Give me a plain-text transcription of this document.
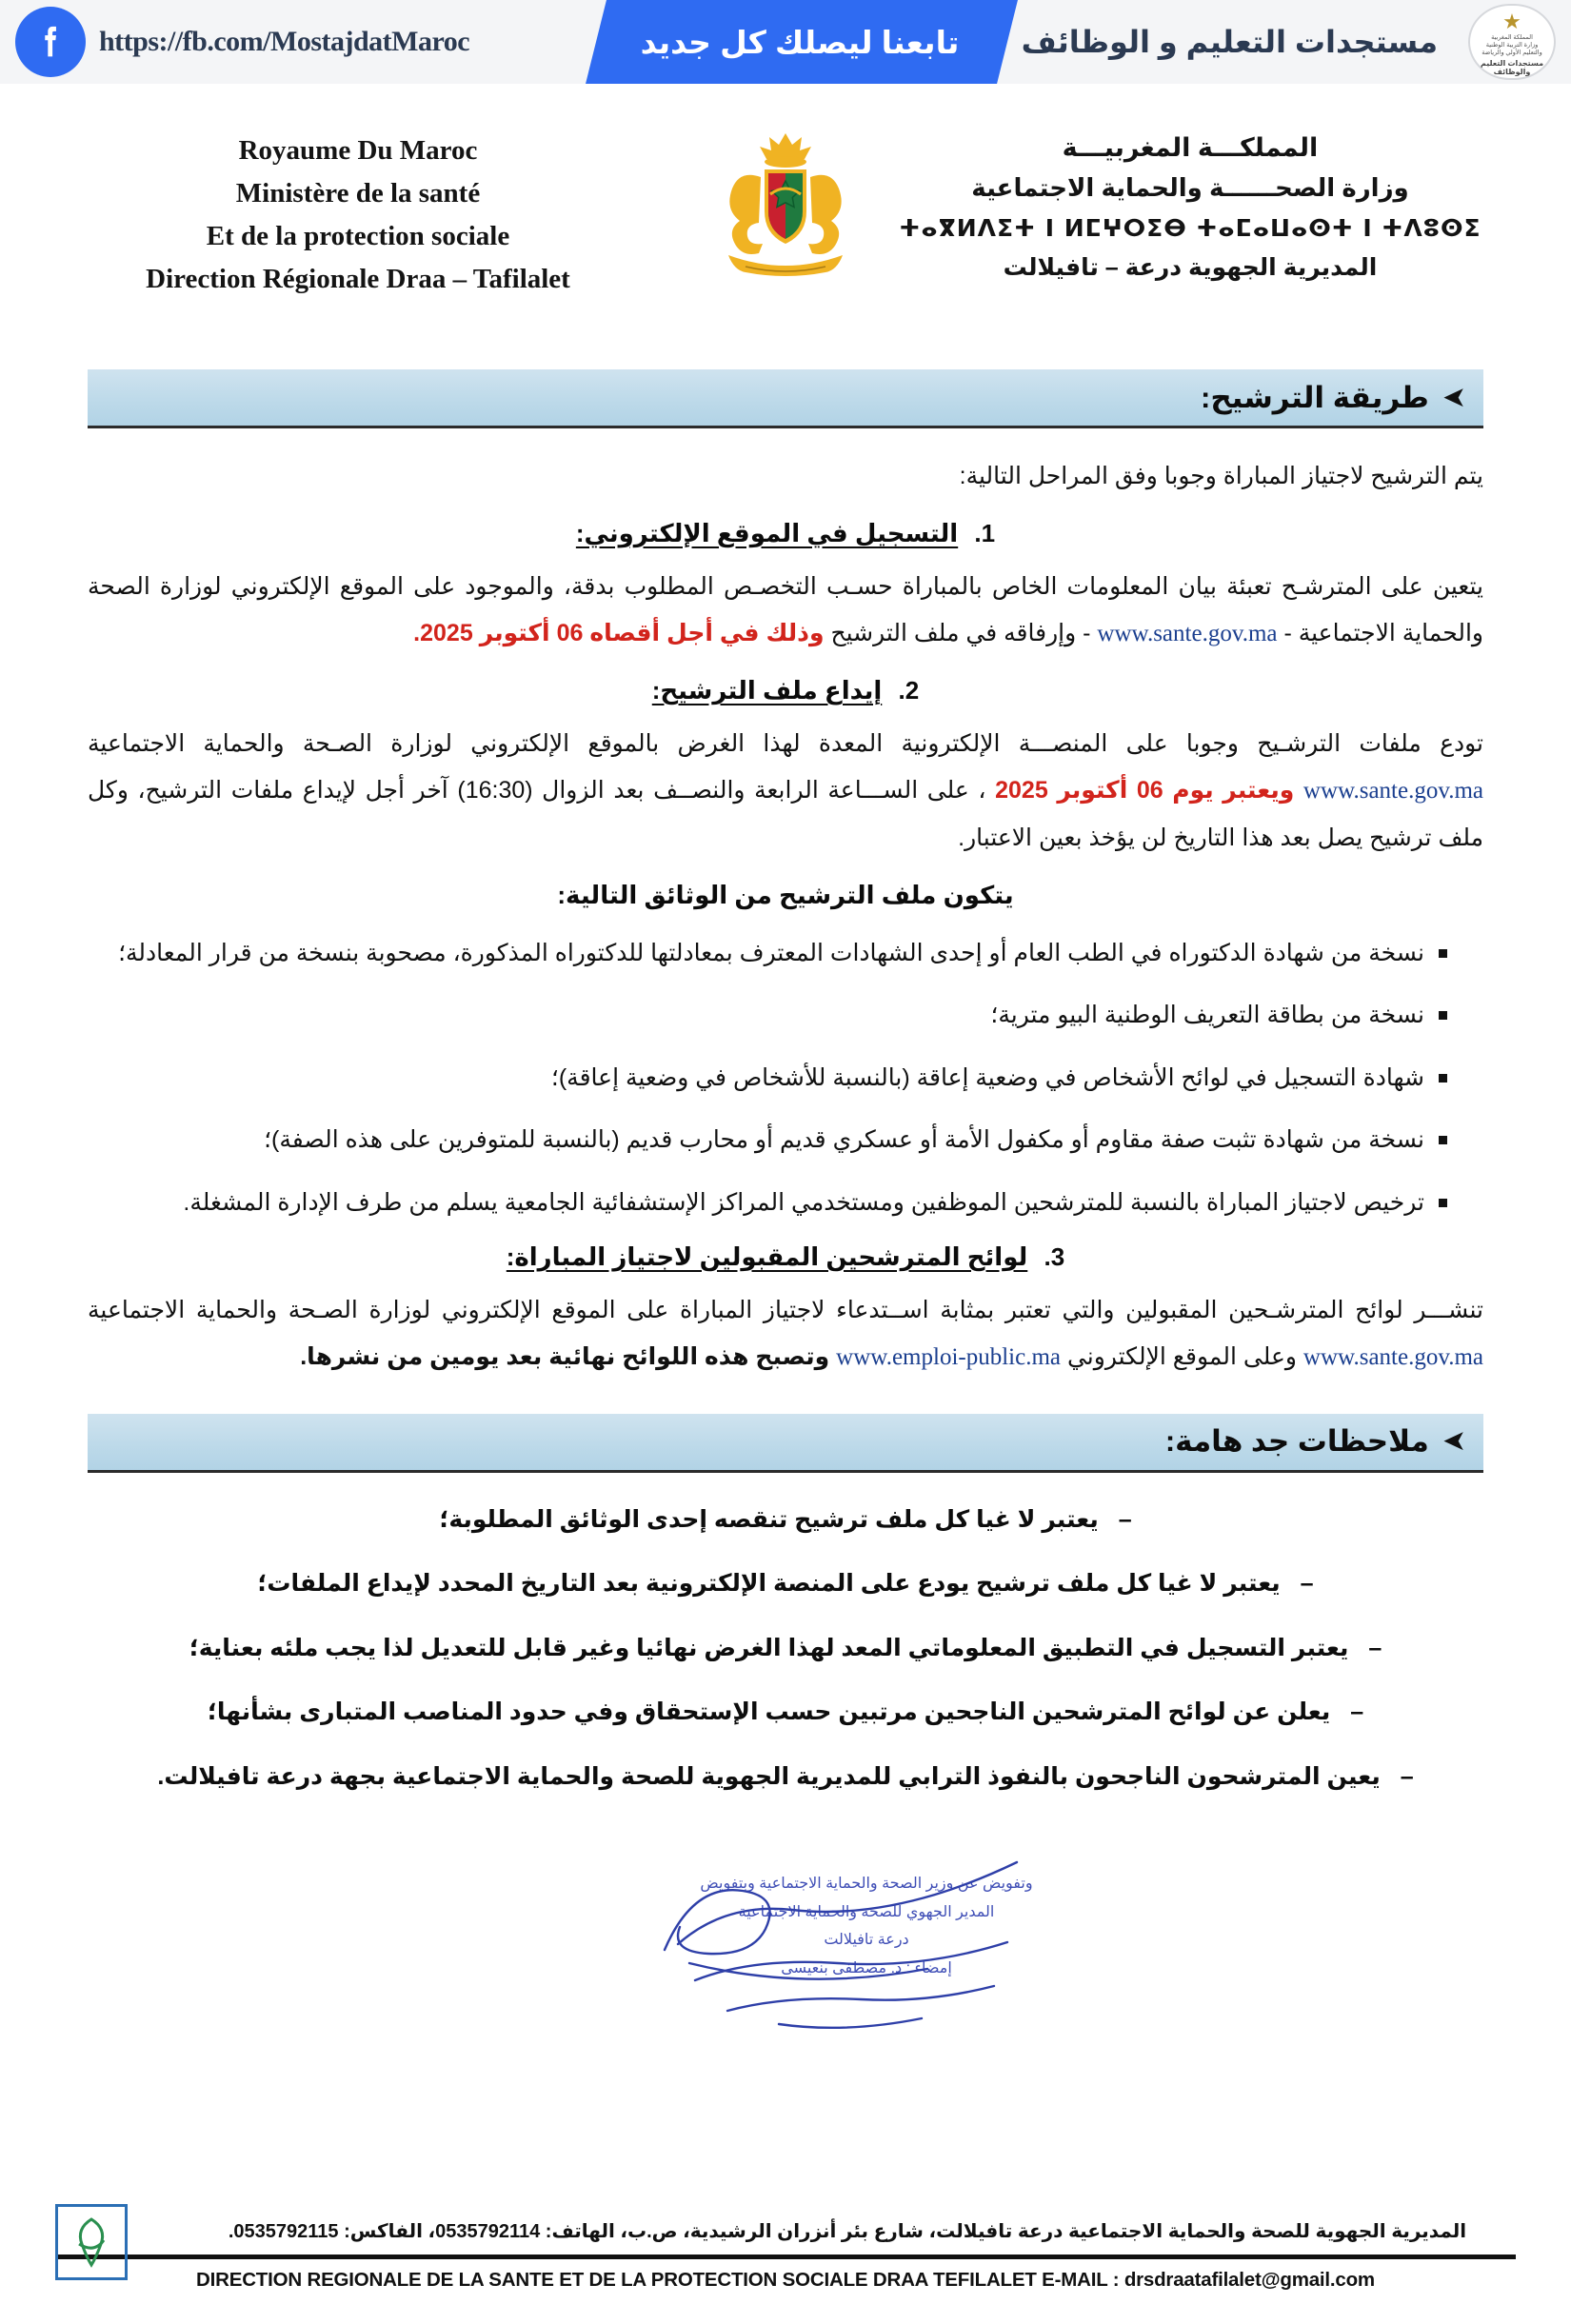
تابعنا ليصلك كل جديد
https://fb.com/MostajdatMaroc	مستجدات التعليم و الوظائف
★
المملكة المغربية
وزارة التربية الوطنية
والتعليم الأولي والرياضة
مستجدات التعليم
والوظائف
Royaume Du Maroc
Ministère de la santé
Et de la protection sociale
Direction Régionale Draa – Tafilalet
المملكـــة المغربيـــة
وزارة الصحــــــة والحماية الاجتماعية
ⵜⴰⴳⵍⴷⵉⵜ ⵏ ⵍⵎⵖⵔⵉⴱ ⵜⴰⵎⴰⵡⴰⵙⵜ ⵏ ⵜⴷⵓⵙⵉ
المديرية الجهوية درعة – تافيلالت
➤
طريقة الترشيح:

يتم الترشيح لاجتياز المباراة وجوبا وفق المراحل التالية:

1. التسجيل في الموقع الإلكتروني:

يتعين على المترشـح تعبئة بيان المعلومات الخاص بالمباراة حسـب التخصـص المطلوب بدقة، والموجود على الموقع الإلكتروني لوزارة الصحة والحماية الاجتماعية - www.sante.gov.ma - وإرفاقه في ملف الترشيح وذلك في أجل أقصاه 06 أكتوبر 2025.

2. إيداع ملف الترشيح:

تودع ملفات الترشـيح وجوبا على المنصـــة الإلكترونية المعدة لهذا الغرض بالموقع الإلكتروني لوزارة الصـحة والحماية الاجتماعية www.sante.gov.ma ويعتبر يوم 06 أكتوبر 2025 ، على الســـاعة الرابعة والنصــف بعد الزوال (16:30) آخر أجل لإيداع ملفات الترشيح، وكل ملف ترشيح يصل بعد هذا التاريخ لن يؤخذ بعين الاعتبار.

يتكون ملف الترشيح من الوثائق التالية:
نسخة من شهادة الدكتوراه في الطب العام أو إحدى الشهادات المعترف بمعادلتها للدكتوراه المذكورة، مصحوبة بنسخة من قرار المعادلة؛
نسخة من بطاقة التعريف الوطنية البيو مترية؛
شهادة التسجيل في لوائح الأشخاص في وضعية إعاقة (بالنسبة للأشخاص في وضعية إعاقة)؛
نسخة من شهادة تثبت صفة مقاوم أو مكفول الأمة أو عسكري قديم أو محارب قديم (بالنسبة للمتوفرين على هذه الصفة)؛
ترخيص لاجتياز المباراة بالنسبة للمترشحين الموظفين ومستخدمي المراكز الإستشفائية الجامعية يسلم من طرف الإدارة المشغلة.
3. لوائح المترشحين المقبولين لاجتياز المباراة:

تنشـــر لوائح المترشـحين المقبولين والتي تعتبر بمثابة اســتدعاء لاجتياز المباراة على الموقع الإلكتروني لوزارة الصـحة والحماية الاجتماعية www.sante.gov.ma وعلى الموقع الإلكتروني www.emploi-public.ma وتصبح هذه اللوائح نهائية بعد يومين من نشرها.

➤
ملاحظات جد هامة:
– يعتبر لا غيا كل ملف ترشيح تنقصه إحدى الوثائق المطلوبة؛
– يعتبر لا غيا كل ملف ترشيح يودع على المنصة الإلكترونية بعد التاريخ المحدد لإيداع الملفات؛
– يعتبر التسجيل في التطبيق المعلوماتي المعد لهذا الغرض نهائيا وغير قابل للتعديل لذا يجب ملئه بعناية؛
– يعلن عن لوائح المترشحين الناجحين مرتبين حسب الإستحقاق وفي حدود المناصب المتبارى بشأنها؛
– يعين المترشحون الناجحون بالنفوذ الترابي للمديرية الجهوية للصحة والحماية الاجتماعية بجهة درعة تافيلالت.
وتفويض عن وزير الصحة والحماية الاجتماعية وبتفويض
المدير الجهوي للصحة والحماية الاجتماعية
درعة تافيلالت
إمضاء : د. مصطفى بنعيسى
المديرية الجهوية للصحة والحماية الاجتماعية درعة تافيلالت، شارع بئر أنزران الرشيدية، ص.ب، الهاتف: 0535792114، الفاكس: 0535792115.
DIRECTION REGIONALE DE LA SANTE ET DE LA PROTECTION SOCIALE DRAA TEFILALET E-MAIL : drsdraatafilalet@gmail.com
